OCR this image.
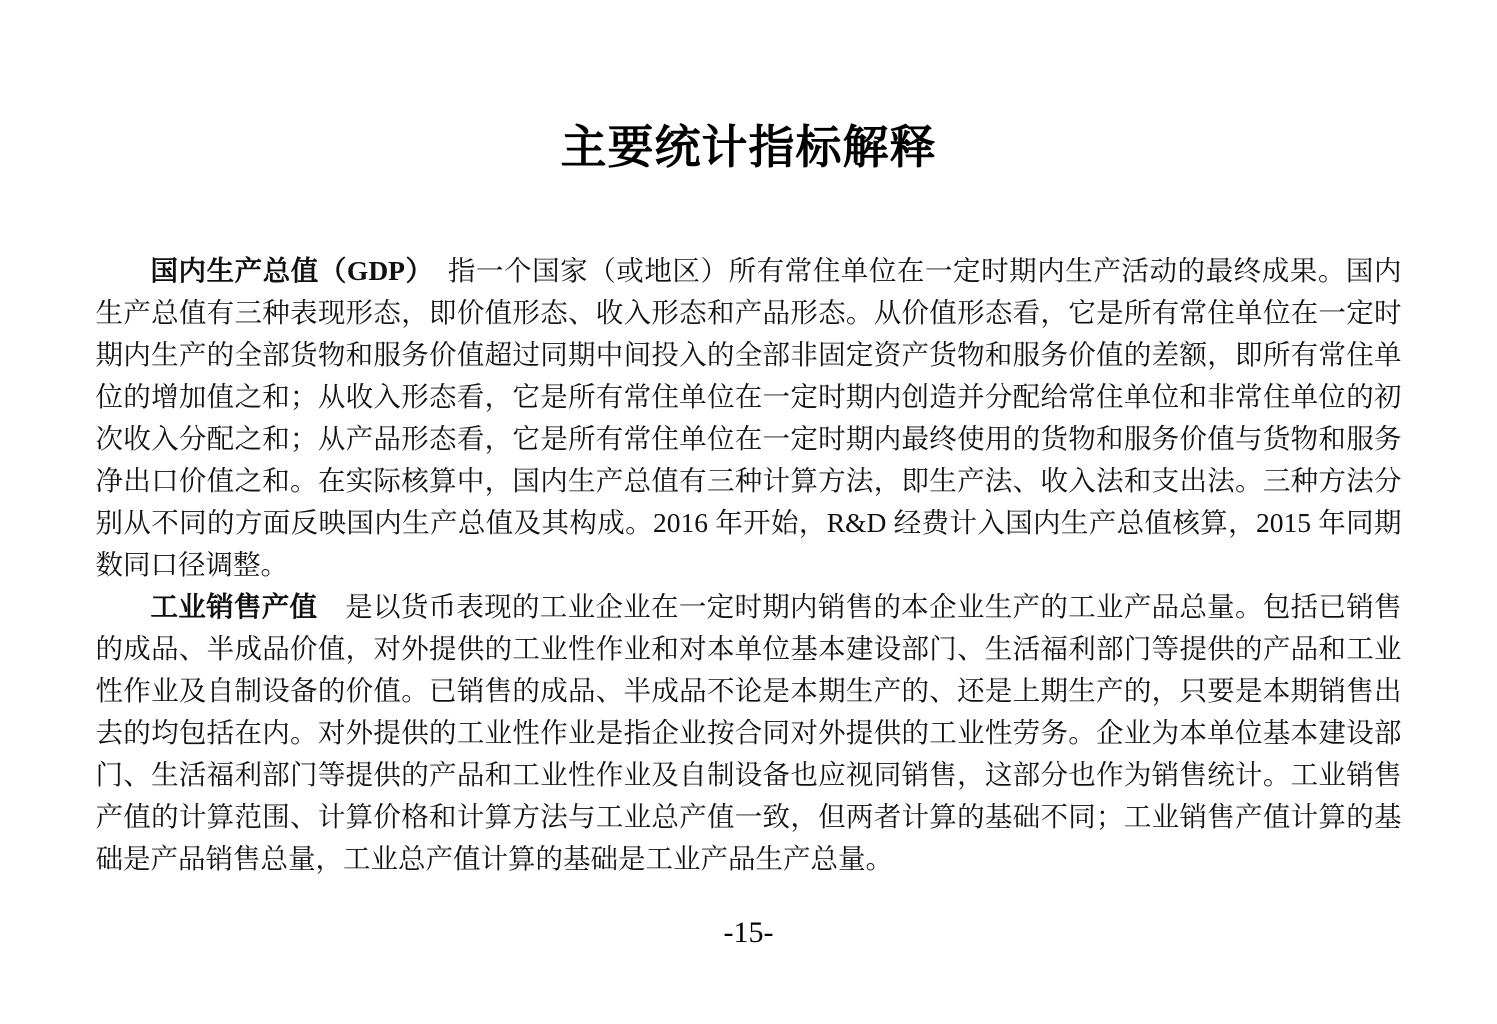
主要统计指标解释

国内生产总值（GDP）　指一个国家（或地区）所有常住单位在一定时期内生产活动的最终成果。国内生产总值有三种表现形态，即价值形态、收入形态和产品形态。从价值形态看，它是所有常住单位在一定时期内生产的全部货物和服务价值超过同期中间投入的全部非固定资产货物和服务价值的差额，即所有常住单位的增加值之和；从收入形态看，它是所有常住单位在一定时期内创造并分配给常住单位和非常住单位的初次收入分配之和；从产品形态看，它是所有常住单位在一定时期内最终使用的货物和服务价值与货物和服务净出口价值之和。在实际核算中，国内生产总值有三种计算方法，即生产法、收入法和支出法。三种方法分别从不同的方面反映国内生产总值及其构成。2016 年开始，R&D 经费计入国内生产总值核算，2015 年同期数同口径调整。

工业销售产值　是以货币表现的工业企业在一定时期内销售的本企业生产的工业产品总量。包括已销售的成品、半成品价值，对外提供的工业性作业和对本单位基本建设部门、生活福利部门等提供的产品和工业性作业及自制设备的价值。已销售的成品、半成品不论是本期生产的、还是上期生产的，只要是本期销售出去的均包括在内。对外提供的工业性作业是指企业按合同对外提供的工业性劳务。企业为本单位基本建设部门、生活福利部门等提供的产品和工业性作业及自制设备也应视同销售，这部分也作为销售统计。工业销售产值的计算范围、计算价格和计算方法与工业总产值一致，但两者计算的基础不同；工业销售产值计算的基础是产品销售总量，工业总产值计算的基础是工业产品生产总量。

-15-
